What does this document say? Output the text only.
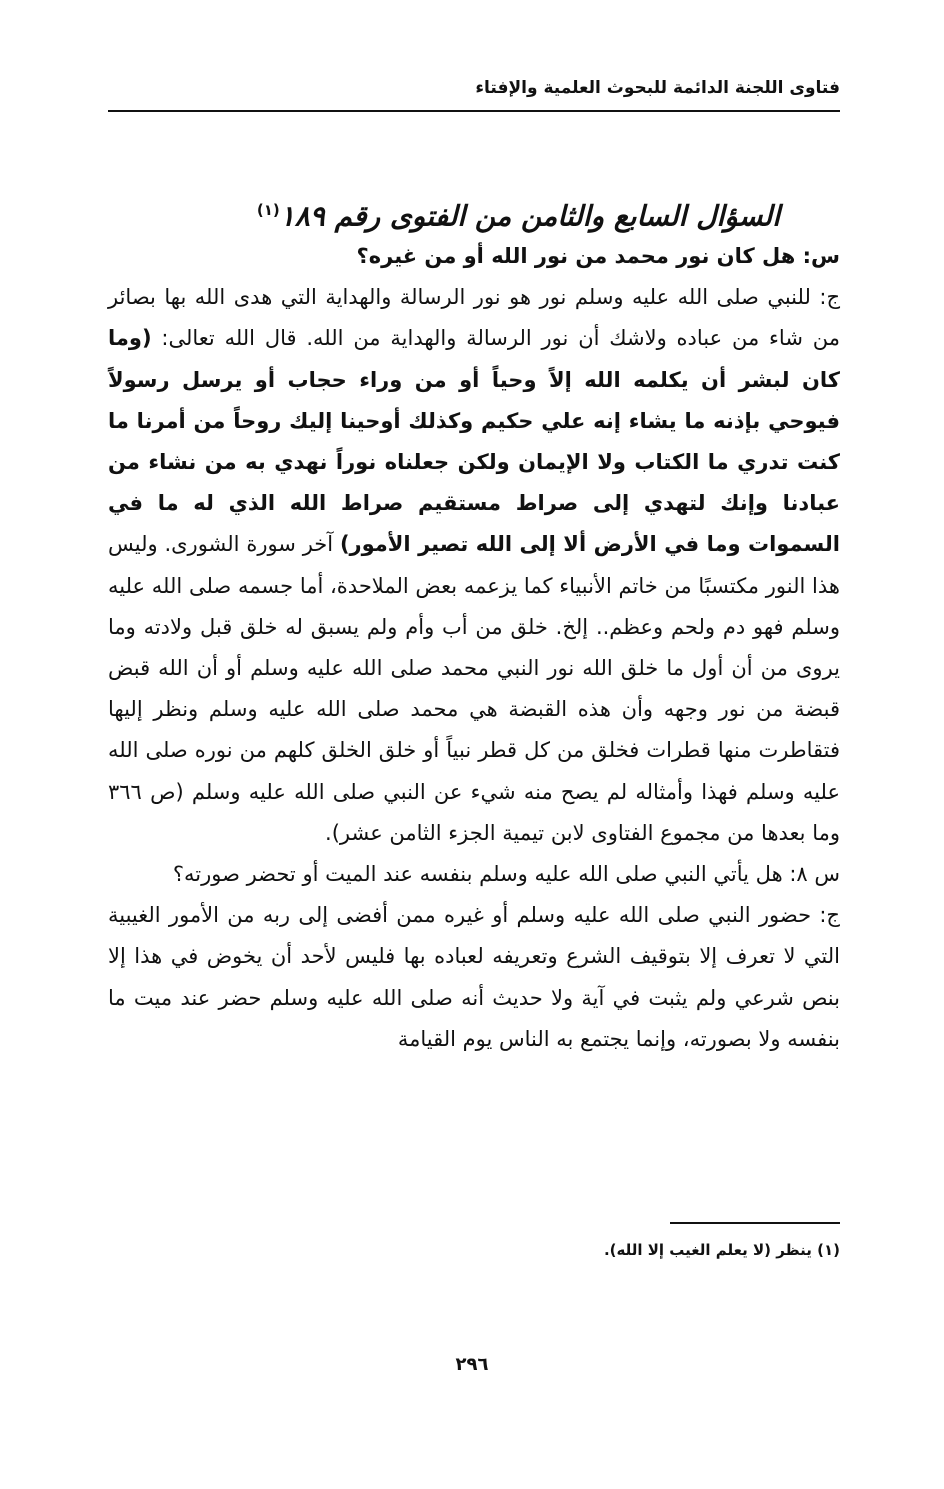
فتاوى اللجنة الدائمة للبحوث العلمية والإفتاء
السؤال السابع والثامن من الفتوى رقم ١٨٩$^{(١)}$

س: هل كان نور محمد من نور الله أو من غيره؟

ج: للنبي صلى الله عليه وسلم نور هو نور الرسالة والهداية التي هدى الله بها بصائر من شاء من عباده ولاشك أن نور الرسالة والهداية من الله. قال الله تعالى: (وما كان لبشر أن يكلمه الله إلاً وحياً أو من وراء حجاب أو يرسل رسولاً فيوحي بإذنه ما يشاء إنه علي حكيم وكذلك أوحينا إليك روحاً من أمرنا ما كنت تدري ما الكتاب ولا الإيمان ولكن جعلناه نوراً نهدي به من نشاء من عبادنا وإنك لتهدي إلى صراط مستقيم صراط الله الذي له ما في السموات وما في الأرض ألا إلى الله تصير الأمور) آخر سورة الشورى. وليس هذا النور مكتسبًا من خاتم الأنبياء كما يزعمه بعض الملاحدة، أما جسمه صلى الله عليه وسلم فهو دم ولحم وعظم.. إلخ. خلق من أب وأم ولم يسبق له خلق قبل ولادته وما يروى من أن أول ما خلق الله نور النبي محمد صلى الله عليه وسلم أو أن الله قبض قبضة من نور وجهه وأن هذه القبضة هي محمد صلى الله عليه وسلم ونظر إليها فتقاطرت منها قطرات فخلق من كل قطر نبياً أو خلق الخلق كلهم من نوره صلى الله عليه وسلم فهذا وأمثاله لم يصح منه شيء عن النبي صلى الله عليه وسلم (ص ٣٦٦ وما بعدها من مجموع الفتاوى لابن تيمية الجزء الثامن عشر).

س ٨: هل يأتي النبي صلى الله عليه وسلم بنفسه عند الميت أو تحضر صورته؟

ج: حضور النبي صلى الله عليه وسلم أو غيره ممن أفضى إلى ربه من الأمور الغيبية التي لا تعرف إلا بتوقيف الشرع وتعريفه لعباده بها فليس لأحد أن يخوض في هذا إلا بنص شرعي ولم يثبت في آية ولا حديث أنه صلى الله عليه وسلم حضر عند ميت ما بنفسه ولا بصورته، وإنما يجتمع به الناس يوم القيامة

(١) ينظر (لا يعلم الغيب إلا الله).
٢٩٦
